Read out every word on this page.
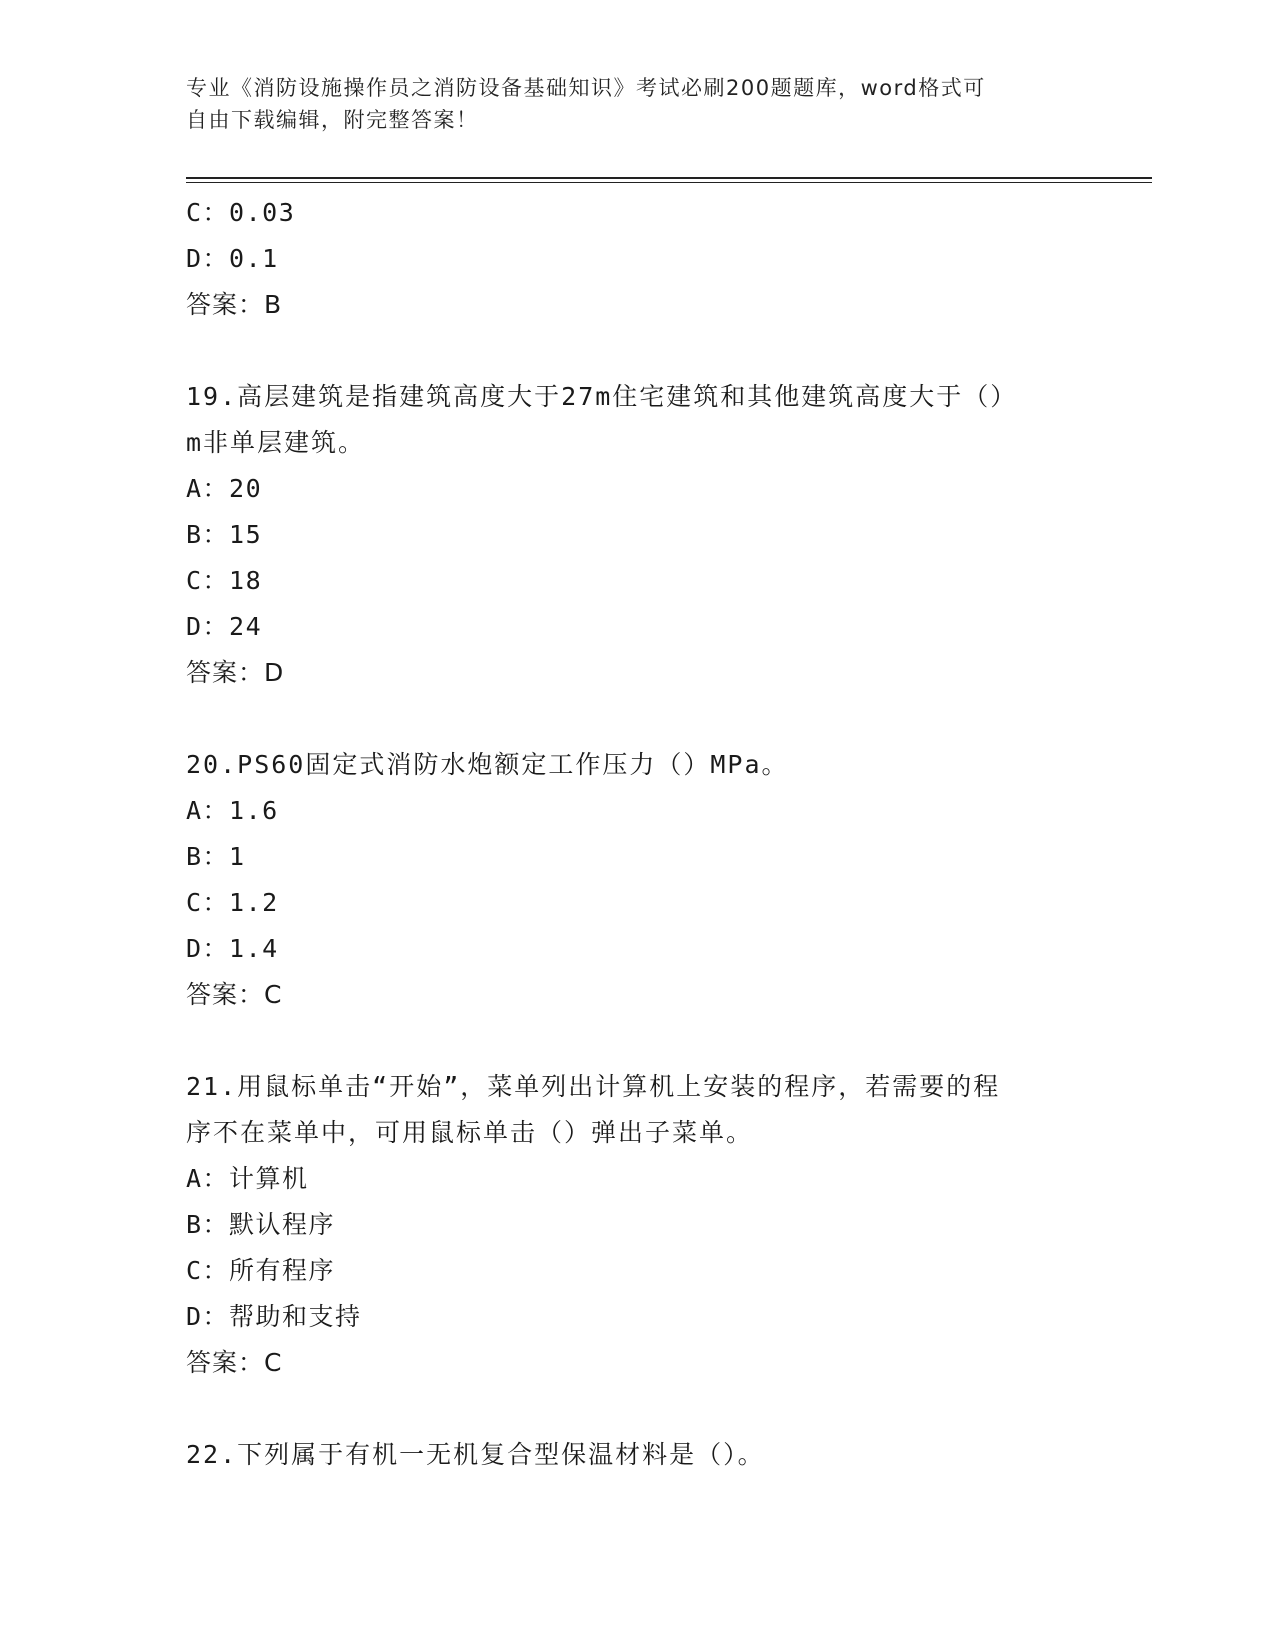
专业《消防设施操作员之消防设备基础知识》考试必刷200题题库，word格式可
自由下载编辑，附完整答案！
C：0.03
D：0.1
答案：B
19.高层建筑是指建筑高度大于27m住宅建筑和其他建筑高度大于（）
m非单层建筑。
A：20
B：15
C：18
D：24
答案：D
20.PS60固定式消防水炮额定工作压力（）MPa。
A：1.6
B：1
C：1.2
D：1.4
答案：C
21.用鼠标单击“开始”，菜单列出计算机上安装的程序，若需要的程
序不在菜单中，可用鼠标单击（）弹出子菜单。
A：计算机
B：默认程序
C：所有程序
D：帮助和支持
答案：C
22.下列属于有机一无机复合型保温材料是（）。
